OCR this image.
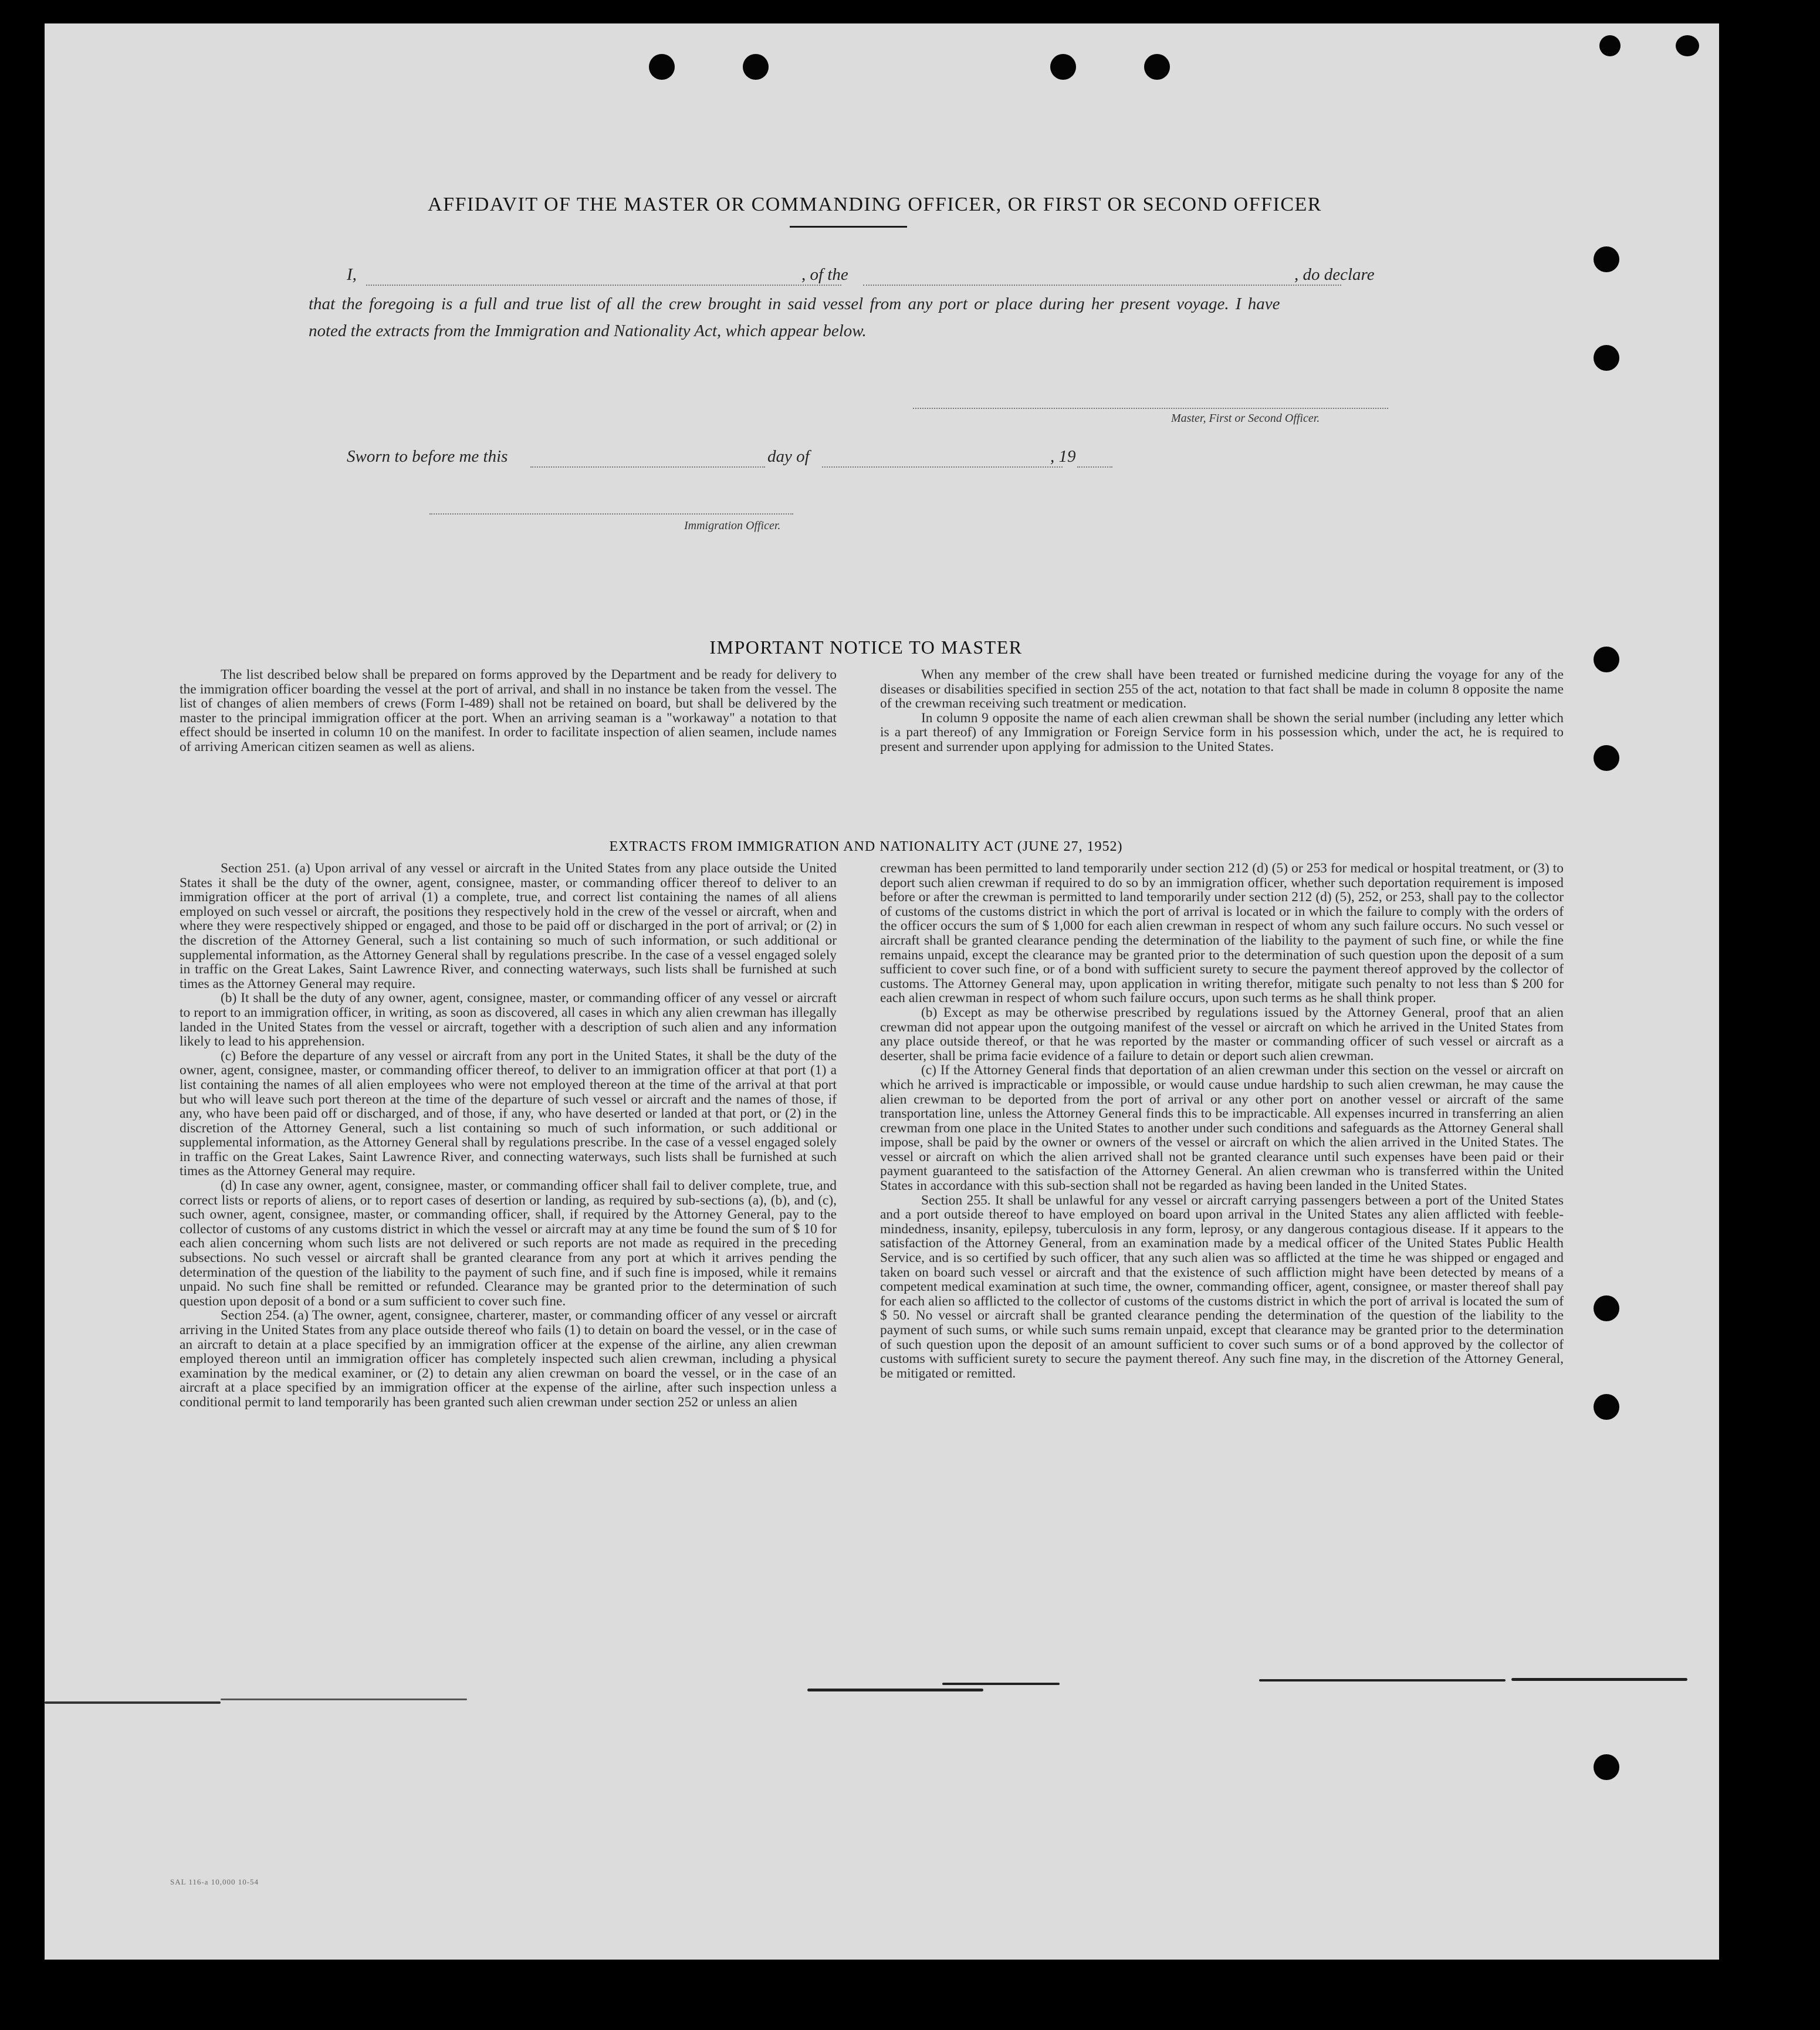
AFFIDAVIT OF THE MASTER OR COMMANDING OFFICER, OR FIRST OR SECOND OFFICER
I,	, of the	, do declare
that the foregoing is a full and true list of all the crew brought in said vessel from any port or place during her present voyage. I have
noted the extracts from the Immigration and Nationality Act, which appear below.
Master, First or Second Officer.
Sworn to before me this	day of	, 19
Immigration Officer.
IMPORTANT NOTICE TO MASTER

The list described below shall be prepared on forms approved by the Department and be ready for delivery to the immigration officer boarding the vessel at the port of arrival, and shall in no instance be taken from the vessel. The list of changes of alien members of crews (Form I-489) shall not be retained on board, but shall be delivered by the master to the principal immigration officer at the port. When an arriving seaman is a "workaway" a notation to that effect should be inserted in column 10 on the manifest. In order to facilitate inspection of alien seamen, include names of arriving American citizen seamen as well as aliens.

When any member of the crew shall have been treated or furnished medicine during the voyage for any of the diseases or disabilities specified in section 255 of the act, notation to that fact shall be made in column 8 opposite the name of the crewman receiving such treatment or medication.

In column 9 opposite the name of each alien crewman shall be shown the serial number (including any letter which is a part thereof) of any Immigration or Foreign Service form in his possession which, under the act, he is required to present and surrender upon applying for admission to the United States.

EXTRACTS FROM IMMIGRATION AND NATIONALITY ACT (JUNE 27, 1952)

Section 251. (a) Upon arrival of any vessel or aircraft in the United States from any place outside the United States it shall be the duty of the owner, agent, consignee, master, or commanding officer thereof to deliver to an immigration officer at the port of arrival (1) a complete, true, and correct list containing the names of all aliens employed on such vessel or aircraft, the positions they respectively hold in the crew of the vessel or aircraft, when and where they were respectively shipped or engaged, and those to be paid off or discharged in the port of arrival; or (2) in the discretion of the Attorney General, such a list containing so much of such information, or such additional or supplemental information, as the Attorney General shall by regulations prescribe. In the case of a vessel engaged solely in traffic on the Great Lakes, Saint Lawrence River, and connecting waterways, such lists shall be furnished at such times as the Attorney General may require.

(b) It shall be the duty of any owner, agent, consignee, master, or commanding officer of any vessel or aircraft to report to an immigration officer, in writing, as soon as discovered, all cases in which any alien crewman has illegally landed in the United States from the vessel or aircraft, together with a description of such alien and any information likely to lead to his apprehension.

(c) Before the departure of any vessel or aircraft from any port in the United States, it shall be the duty of the owner, agent, consignee, master, or commanding officer thereof, to deliver to an immigration officer at that port (1) a list containing the names of all alien employees who were not employed thereon at the time of the arrival at that port but who will leave such port thereon at the time of the departure of such vessel or aircraft and the names of those, if any, who have been paid off or discharged, and of those, if any, who have deserted or landed at that port, or (2) in the discretion of the Attorney General, such a list containing so much of such information, or such additional or supplemental information, as the Attorney General shall by regulations prescribe. In the case of a vessel engaged solely in traffic on the Great Lakes, Saint Lawrence River, and connecting waterways, such lists shall be furnished at such times as the Attorney General may require.

(d) In case any owner, agent, consignee, master, or commanding officer shall fail to deliver complete, true, and correct lists or reports of aliens, or to report cases of desertion or landing, as required by sub-sections (a), (b), and (c), such owner, agent, consignee, master, or commanding officer, shall, if required by the Attorney General, pay to the collector of customs of any customs district in which the vessel or aircraft may at any time be found the sum of $ 10 for each alien concerning whom such lists are not delivered or such reports are not made as required in the preceding subsections. No such vessel or aircraft shall be granted clearance from any port at which it arrives pending the determination of the question of the liability to the payment of such fine, and if such fine is imposed, while it remains unpaid. No such fine shall be remitted or refunded. Clearance may be granted prior to the determination of such question upon deposit of a bond or a sum sufficient to cover such fine.

Section 254. (a) The owner, agent, consignee, charterer, master, or commanding officer of any vessel or aircraft arriving in the United States from any place outside thereof who fails (1) to detain on board the vessel, or in the case of an aircraft to detain at a place specified by an immigration officer at the expense of the airline, any alien crewman employed thereon until an immigration officer has completely inspected such alien crewman, including a physical examination by the medical examiner, or (2) to detain any alien crewman on board the vessel, or in the case of an aircraft at a place specified by an immigration officer at the expense of the airline, after such inspection unless a conditional permit to land temporarily has been granted such alien crewman under section 252 or unless an alien

crewman has been permitted to land temporarily under section 212 (d) (5) or 253 for medical or hospital treatment, or (3) to deport such alien crewman if required to do so by an immigration officer, whether such deportation requirement is imposed before or after the crewman is permitted to land temporarily under section 212 (d) (5), 252, or 253, shall pay to the collector of customs of the customs district in which the port of arrival is located or in which the failure to comply with the orders of the officer occurs the sum of $ 1,000 for each alien crewman in respect of whom any such failure occurs. No such vessel or aircraft shall be granted clearance pending the determination of the liability to the payment of such fine, or while the fine remains unpaid, except the clearance may be granted prior to the determination of such question upon the deposit of a sum sufficient to cover such fine, or of a bond with sufficient surety to secure the payment thereof approved by the collector of customs. The Attorney General may, upon application in writing therefor, mitigate such penalty to not less than $ 200 for each alien crewman in respect of whom such failure occurs, upon such terms as he shall think proper.

(b) Except as may be otherwise prescribed by regulations issued by the Attorney General, proof that an alien crewman did not appear upon the outgoing manifest of the vessel or aircraft on which he arrived in the United States from any place outside thereof, or that he was reported by the master or commanding officer of such vessel or aircraft as a deserter, shall be prima facie evidence of a failure to detain or deport such alien crewman.

(c) If the Attorney General finds that deportation of an alien crewman under this section on the vessel or aircraft on which he arrived is impracticable or impossible, or would cause undue hardship to such alien crewman, he may cause the alien crewman to be deported from the port of arrival or any other port on another vessel or aircraft of the same transportation line, unless the Attorney General finds this to be impracticable. All expenses incurred in transferring an alien crewman from one place in the United States to another under such conditions and safeguards as the Attorney General shall impose, shall be paid by the owner or owners of the vessel or aircraft on which the alien arrived in the United States. The vessel or aircraft on which the alien arrived shall not be granted clearance until such expenses have been paid or their payment guaranteed to the satisfaction of the Attorney General. An alien crewman who is transferred within the United States in accordance with this sub-section shall not be regarded as having been landed in the United States.

Section 255. It shall be unlawful for any vessel or aircraft carrying passengers between a port of the United States and a port outside thereof to have employed on board upon arrival in the United States any alien afflicted with feeble-mindedness, insanity, epilepsy, tuberculosis in any form, leprosy, or any dangerous contagious disease. If it appears to the satisfaction of the Attorney General, from an examination made by a medical officer of the United States Public Health Service, and is so certified by such officer, that any such alien was so afflicted at the time he was shipped or engaged and taken on board such vessel or aircraft and that the existence of such affliction might have been detected by means of a competent medical examination at such time, the owner, commanding officer, agent, consignee, or master thereof shall pay for each alien so afflicted to the collector of customs of the customs district in which the port of arrival is located the sum of $ 50. No vessel or aircraft shall be granted clearance pending the determination of the question of the liability to the payment of such sums, or while such sums remain unpaid, except that clearance may be granted prior to the determination of such question upon the deposit of an amount sufficient to cover such sums or of a bond approved by the collector of customs with sufficient surety to secure the payment thereof. Any such fine may, in the discretion of the Attorney General, be mitigated or remitted.

SAL 116-a 10,000 10-54
